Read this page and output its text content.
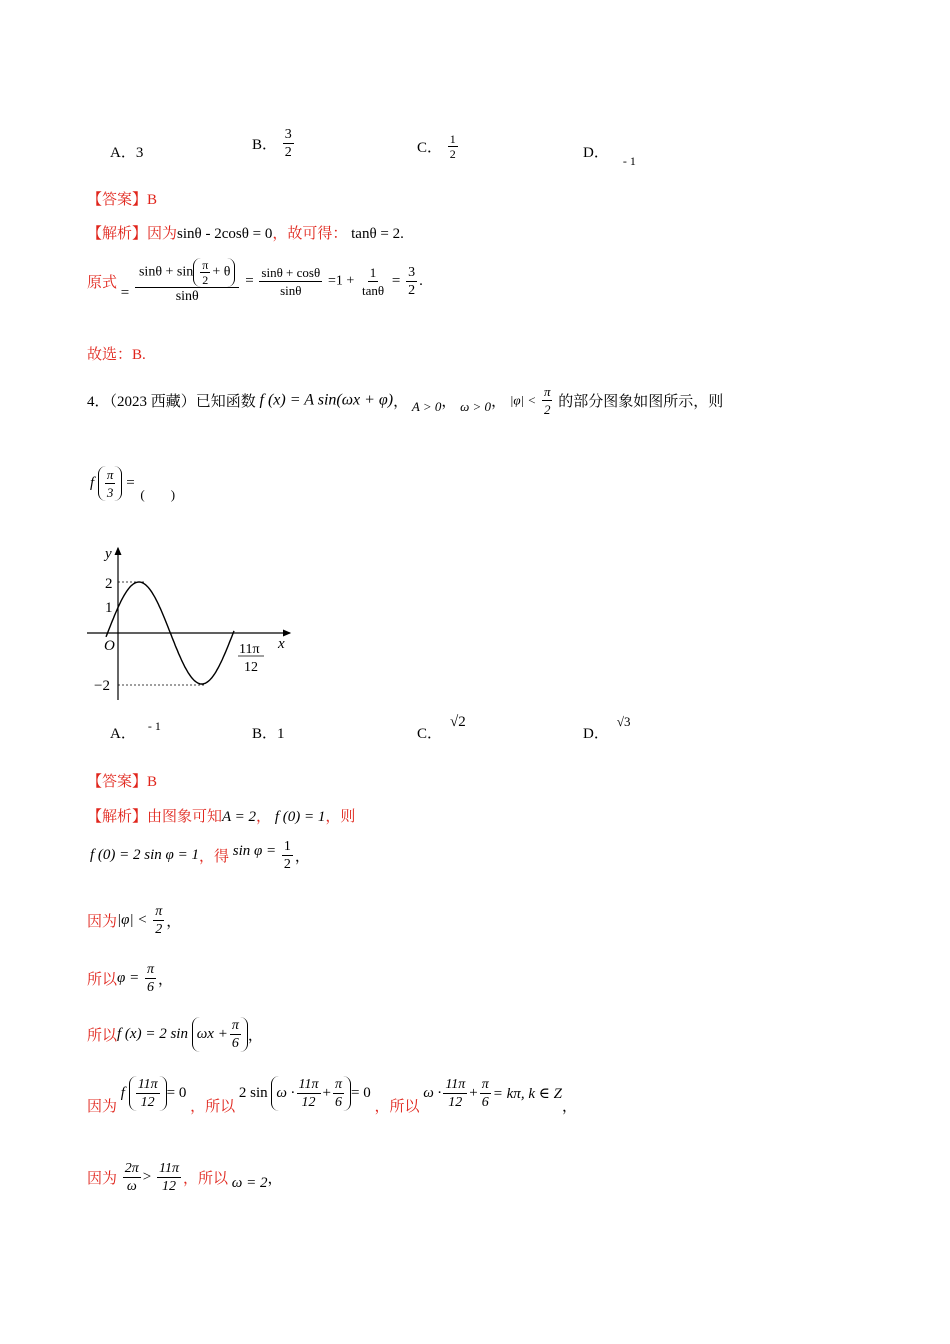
A．3	B． $\frac{3}{2}$	C． $\frac{1}{2}$	D． $_{- 1}$
【答案】B
【解析】因为sinθ - 2cosθ = 0，故可得： tanθ = 2.
原式 = $\frac{\sin\theta + \sin \frac{\pi}{2} + \theta}{\sin\theta} = \frac{\sin\theta + \cos\theta}{\sin\theta} =1 + \frac{1}{\tan\theta} = \frac{3}{2}$ .
故选：B.
4．（2023 西藏）已知函数 f (x) = A sin(ωx + φ)， A > 0， ω > 0， $|\varphi| < \frac{\pi}{2}$ 的部分图象如图所示，则
f $\frac{\pi}{3}$ = (　　)
y
x
O
2
1
−2
11π
12
A． $^{- 1}$	B．1	C．√2
D．√3
【答案】B
【解析】由图象可知A = 2， f (0) = 1，则
f (0) = 2 sin φ = 1，得 $\sin \varphi = \frac{1}{2}$ ，
因为$|\varphi| < \frac{\pi}{2}$ ，
所以$\varphi = \frac{\pi}{6}$ ，
所以f (x) = 2 $\sin \omega x + \frac{\pi}{6}$ ，
因为 f $\frac{11\pi}{12} = 0$ ，所以 2 $\sin \omega \cdot \frac{11\pi}{12} + \frac{\pi}{6} = 0$ ，所以 $\omega \cdot \frac{11\pi}{12} + \frac{\pi}{6} = k\pi$, k ∈ Z，
因为 $\frac{2\pi}{\omega} > \frac{11\pi}{12}$ ，所以 ω = 2，
